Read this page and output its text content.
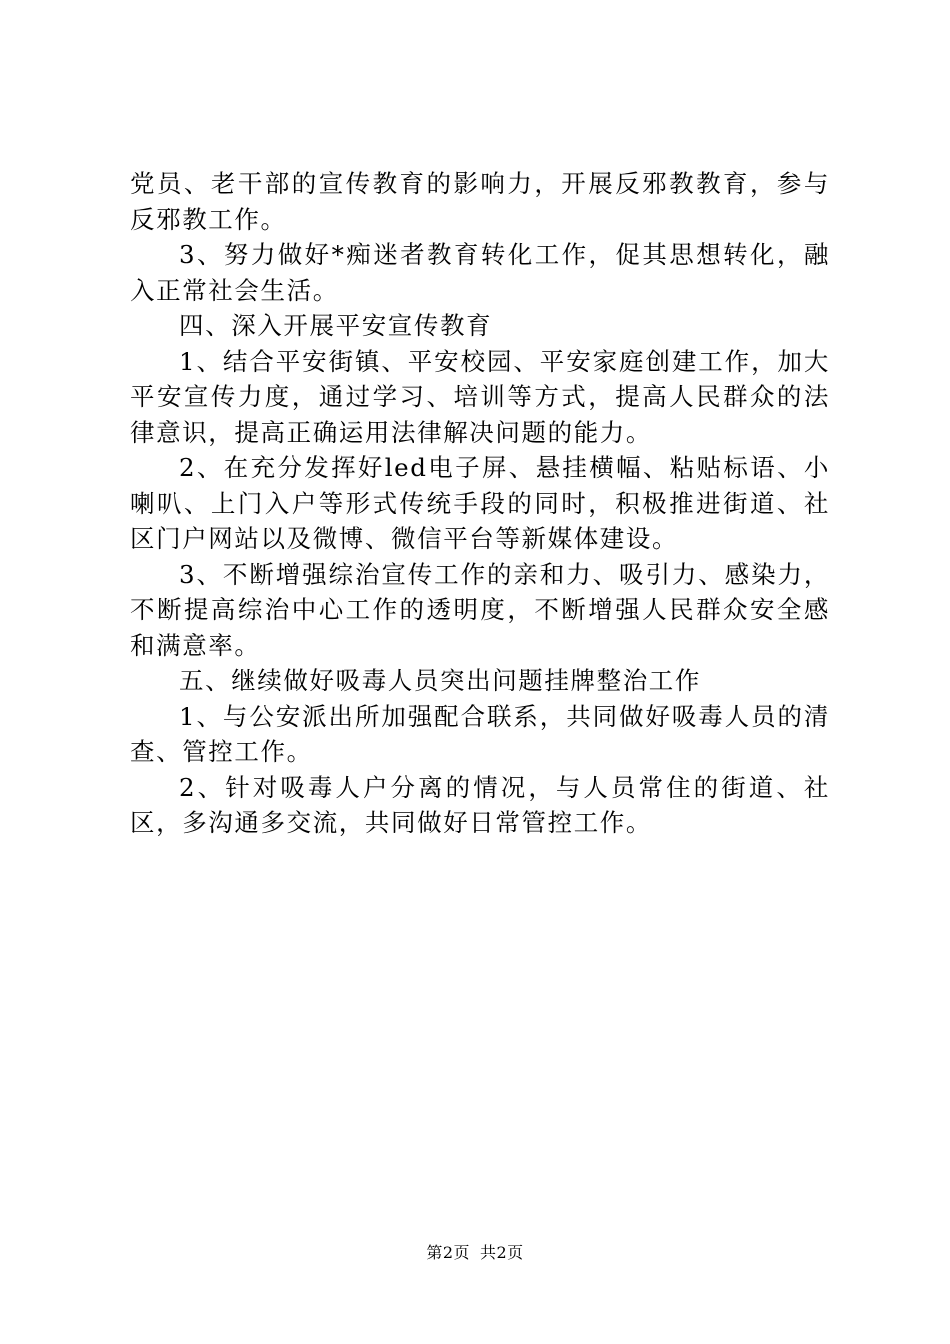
党员、老干部的宣传教育的影响力，开展反邪教教育，参与反邪教工作。

3、努力做好*痴迷者教育转化工作，促其思想转化，融入正常社会生活。

四、深入开展平安宣传教育

1、结合平安街镇、平安校园、平安家庭创建工作，加大平安宣传力度，通过学习、培训等方式，提高人民群众的法律意识，提高正确运用法律解决问题的能力。

2、在充分发挥好led电子屏、悬挂横幅、粘贴标语、小喇叭、上门入户等形式传统手段的同时，积极推进街道、社区门户网站以及微博、微信平台等新媒体建设。

3、不断增强综治宣传工作的亲和力、吸引力、感染力，不断提高综治中心工作的透明度，不断增强人民群众安全感和满意率。

五、继续做好吸毒人员突出问题挂牌整治工作

1、与公安派出所加强配合联系，共同做好吸毒人员的清查、管控工作。

2、针对吸毒人户分离的情况，与人员常住的街道、社区，多沟通多交流，共同做好日常管控工作。

第2页 共2页
